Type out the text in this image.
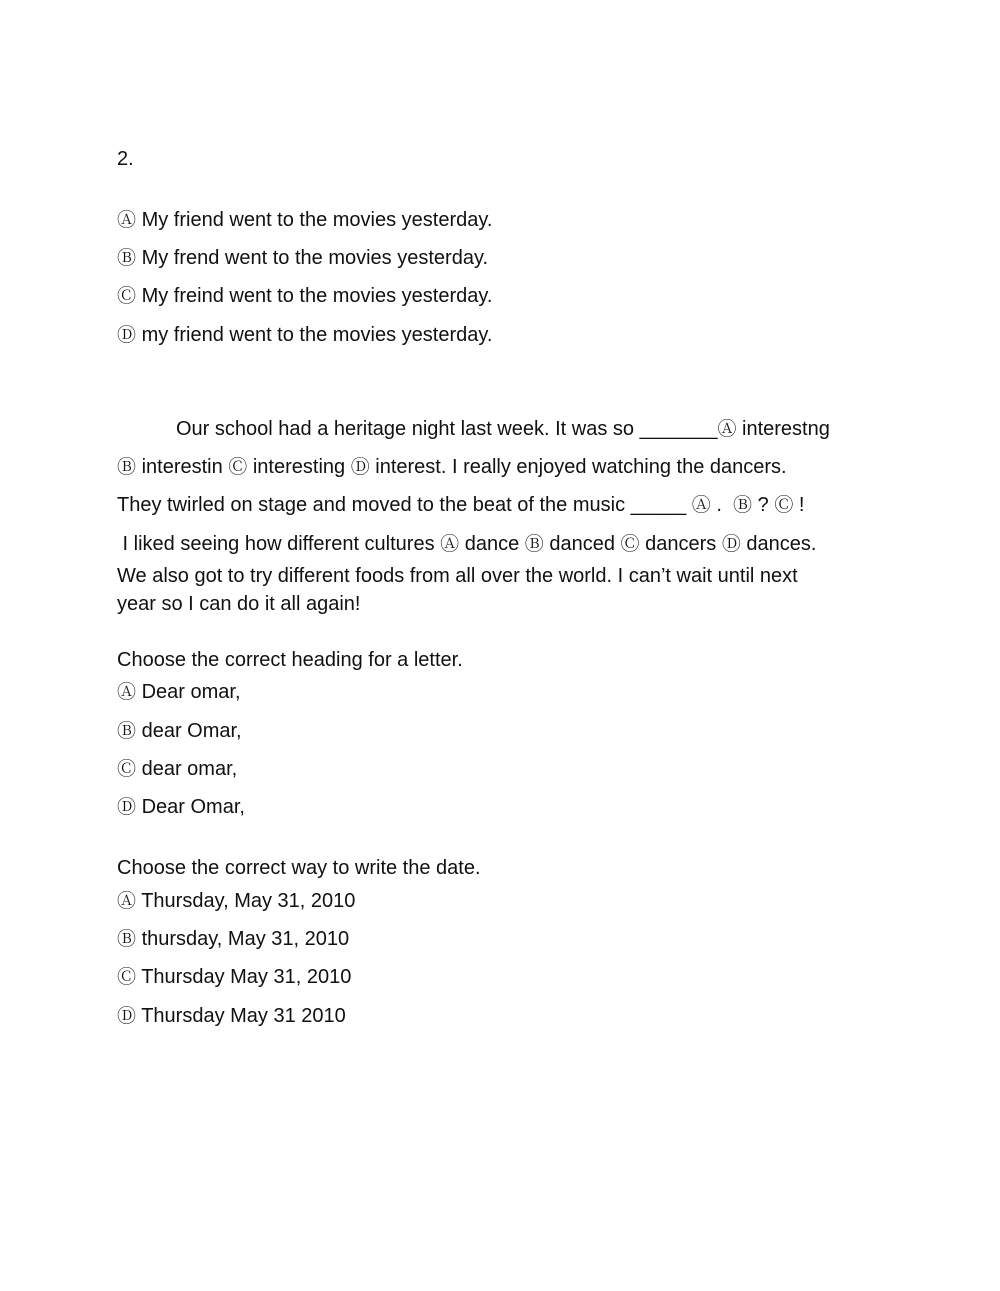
2.
Ⓐ My friend went to the movies yesterday.
Ⓑ My frend went to the movies yesterday.
Ⓒ My freind went to the movies yesterday.
Ⓓ my friend went to the movies yesterday.
Our school had a heritage night last week. It was so _______Ⓐ interestng
Ⓑ interestin Ⓒ interesting Ⓓ interest. I really enjoyed watching the dancers.
They twirled on stage and moved to the beat of the music _____ Ⓐ .  Ⓑ ? Ⓒ !
I liked seeing how different cultures Ⓐ dance Ⓑ danced Ⓒ dancers Ⓓ dances.
We also got to try different foods from all over the world. I can’t wait until next
year so I can do it all again!
Choose the correct heading for a letter.
Ⓐ Dear omar,
Ⓑ dear Omar,
Ⓒ dear omar,
Ⓓ Dear Omar,
Choose the correct way to write the date.
Ⓐ Thursday, May 31, 2010
Ⓑ thursday, May 31, 2010
Ⓒ Thursday May 31, 2010
Ⓓ Thursday May 31 2010
